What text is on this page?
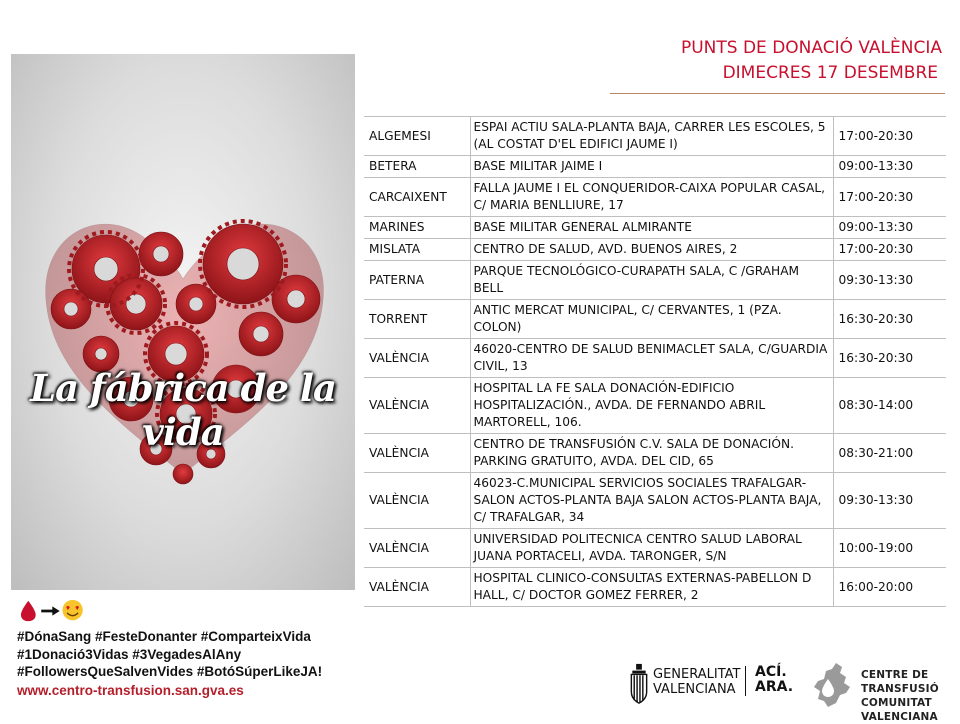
La fábrica de la vida
#DónaSang #FesteDonanter #ComparteixVida
#1Donació3Vidas #3VegadesAlAny
#FollowersQueSalvenVides #BotóSúperLikeJA!
www.centro-transfusion.san.gva.es
PUNTS DE DONACIÓ VALÈNCIA
DIMECRES 17 DESEMBRE
ALGEMESI	ESPAI ACTIU SALA-PLANTA BAJA, CARRER LES ESCOLES, 5 (AL COSTAT D'EL EDIFICI JAUME I)	17:00-20:30
BETERA	BASE MILITAR JAIME I	09:00-13:30
CARCAIXENT	FALLA JAUME I EL CONQUERIDOR-CAIXA POPULAR CASAL, C/ MARIA BENLLIURE, 17	17:00-20:30
MARINES	BASE MILITAR GENERAL ALMIRANTE	09:00-13:30
MISLATA	CENTRO DE SALUD, AVD. BUENOS AIRES, 2	17:00-20:30
PATERNA	PARQUE TECNOLÓGICO-CURAPATH SALA, C /GRAHAM BELL	09:30-13:30
TORRENT	ANTIC MERCAT MUNICIPAL, C/ CERVANTES, 1 (PZA. COLON)	16:30-20:30
VALÈNCIA	46020-CENTRO DE SALUD BENIMACLET SALA, C/GUARDIA CIVIL, 13	16:30-20:30
VALÈNCIA	HOSPITAL LA FE SALA DONACIÓN-EDIFICIO HOSPITALIZACIÓN., AVDA. DE FERNANDO ABRIL MARTORELL, 106.	08:30-14:00
VALÈNCIA	CENTRO DE TRANSFUSIÓN C.V. SALA DE DONACIÓN. PARKING GRATUITO, AVDA. DEL CID, 65	08:30-21:00
VALÈNCIA	46023-C.MUNICIPAL SERVICIOS SOCIALES TRAFALGAR-SALON ACTOS-PLANTA BAJA SALON ACTOS-PLANTA BAJA, C/ TRAFALGAR, 34	09:30-13:30
VALÈNCIA	UNIVERSIDAD POLITECNICA CENTRO SALUD LABORAL JUANA PORTACELI, AVDA. TARONGER, S/N	10:00-19:00
VALÈNCIA	HOSPITAL CLINICO-CONSULTAS EXTERNAS-PABELLON D HALL, C/ DOCTOR GOMEZ FERRER, 2	16:00-20:00
GENERALITAT
VALENCIANA
ACÍ.
ARA.
CENTRE DE TRANSFUSIÓ
COMUNITAT VALENCIANA
